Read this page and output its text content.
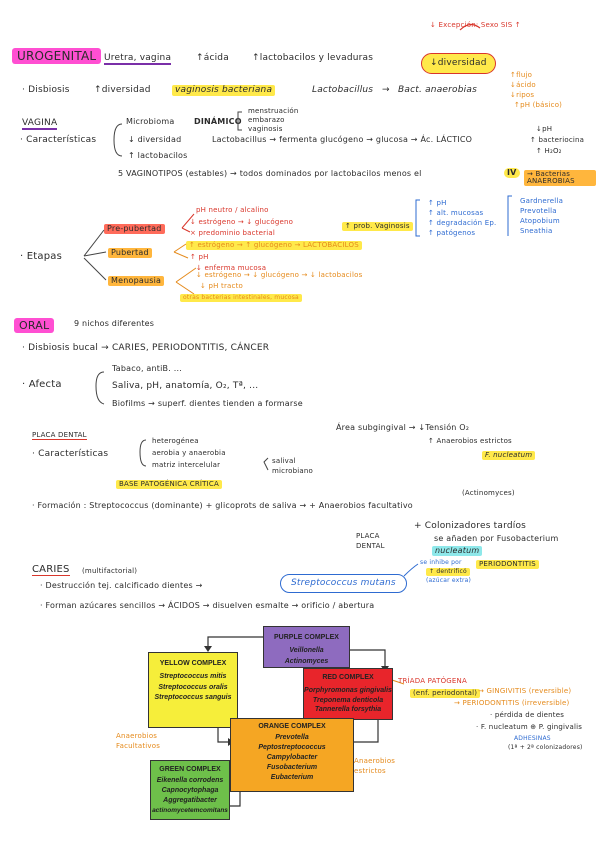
UROGENITAL Uretra, vagina	↑ácida	↑lactobacilos y levaduras	↓diversidad
↓ Excepción: Sexo SIS ↑
· Disbiosis	↑diversidad	vaginosis bacteriana	Lactobacillus → Bact. anaerobias
↑flujo
↓ácido
↓ripos
↑pH (básico)
VAGINA
· Características
Microbioma DINÁMICO
menstruación
embarazo
vaginosis
↓ diversidad
↑ lactobacilos
Lactobacillus → fermenta glucógeno → glucosa → Ác. LÁCTICO
↓pH
↑ bacteriocina
↑ H₂O₂
5 VAGINOTIPOS (estables) → todos dominados por lactobacilos menos el	IV	→ Bacterias ANAEROBIAS
Gardnerella
Prevotella
Atopobium
Sneathia
· Etapas
Pre-pubertad
Pubertad
Menopausia
pH neutro / alcalino
↓ estrógeno → ↓ glucógeno
× predominio bacterial
↑ estrógeno → ↑ glucógeno → LACTOBACILOS
↑ pH
↓ enferma mucosa
↓ estrógeno → ↓ glucógeno → ↓ lactobacilos
↓ pH tracto
otras bacterias intestinales, mucosa
↑ prob. Vaginosis
↑ pH
↑ alt. mucosas
↑ degradación Ep.
↑ patógenos
ORAL	9 nichos diferentes
· Disbiosis bucal → CARIES, PERIODONTITIS, CÁNCER
· Afecta
Tabaco, antiB. ...
Saliva, pH, anatomía, O₂, Tª, ...
Biofilms → superf. dientes tienden a formarse
PLACA DENTAL
· Características
heterogénea
aerobia y anaerobia
matriz intercelular	salival
microbiano
BASE PATOGÉNICA CRÍTICA
Área subgingival → ↓Tensión O₂
↑ Anaerobios estrictos
F. nucleatum
· Formación : Streptococcus (dominante) + glicoprots de saliva → + Anaerobios facultativo
(Actinomyces)
+ Colonizadores tardíos
se añaden por Fusobacterium
nucleatum
PLACA
DENTAL
PERIODONTITIS
CARIES (multifactorial)
· Destrucción tej. calcificado dientes →	Streptococcus mutans
se inhibe por
↑ dentrificó
(azúcar extra)
· Forman azúcares sencillos → ÁCIDOS → disuelven esmalte → orificio / abertura
PURPLE COMPLEX
Veillonella
Actinomyces
YELLOW COMPLEX
Streptococcus mitis
Streptococcus oralis
Streptococcus sanguis
RED COMPLEX
Porphyromonas gingivalis
Treponema denticola
Tannerella forsythia
ORANGE COMPLEX
Prevotella
Peptostreptococcus
Campylobacter
Fusobacterium
Eubacterium
GREEN COMPLEX
Eikenella corrodens
Capnocytophaga
Aggregatibacter
actinomycetemcomitans
TRÍADA PATÓGENA
(enf. periodontal) → GINGIVITIS (reversible)
→ PERIODONTITIS (irreversible)
· pérdida de dientes
· F. nucleatum ⊕ P. gingivalis
ADHESINAS
(1ª + 2ª colonizadores)
Anaerobios
Facultativos
Anaerobios
estrictos
